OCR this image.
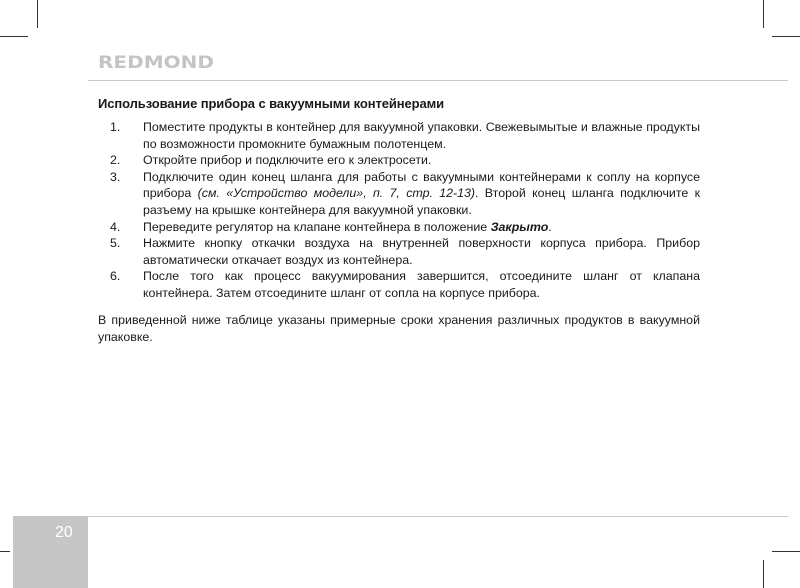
REDMOND
Использование прибора с вакуумными контейнерами
1. Поместите продукты в контейнер для вакуумной упаковки. Свежевымытые и влажные продукты по возможности промокните бумажным полотенцем.
2. Откройте прибор и подключите его к электросети.
3. Подключите один конец шланга для работы с вакуумными контейнерами к соплу на корпусе прибора (см. «Устройство модели», п. 7, стр. 12-13). Второй конец шланга подключите к разъему на крышке контейнера для вакуумной упаковки.
4. Переведите регулятор на клапане контейнера в положение Закрыто.
5. Нажмите кнопку откачки воздуха на внутренней поверхности корпуса прибора. Прибор автоматически откачает воздух из контейнера.
6. После того как процесс вакуумирования завершится, отсоедините шланг от клапана контейнера. Затем отсоедините шланг от сопла на корпусе прибора.

В приведенной ниже таблице указаны примерные сроки хранения различных продуктов в вакуумной упаковке.

20
